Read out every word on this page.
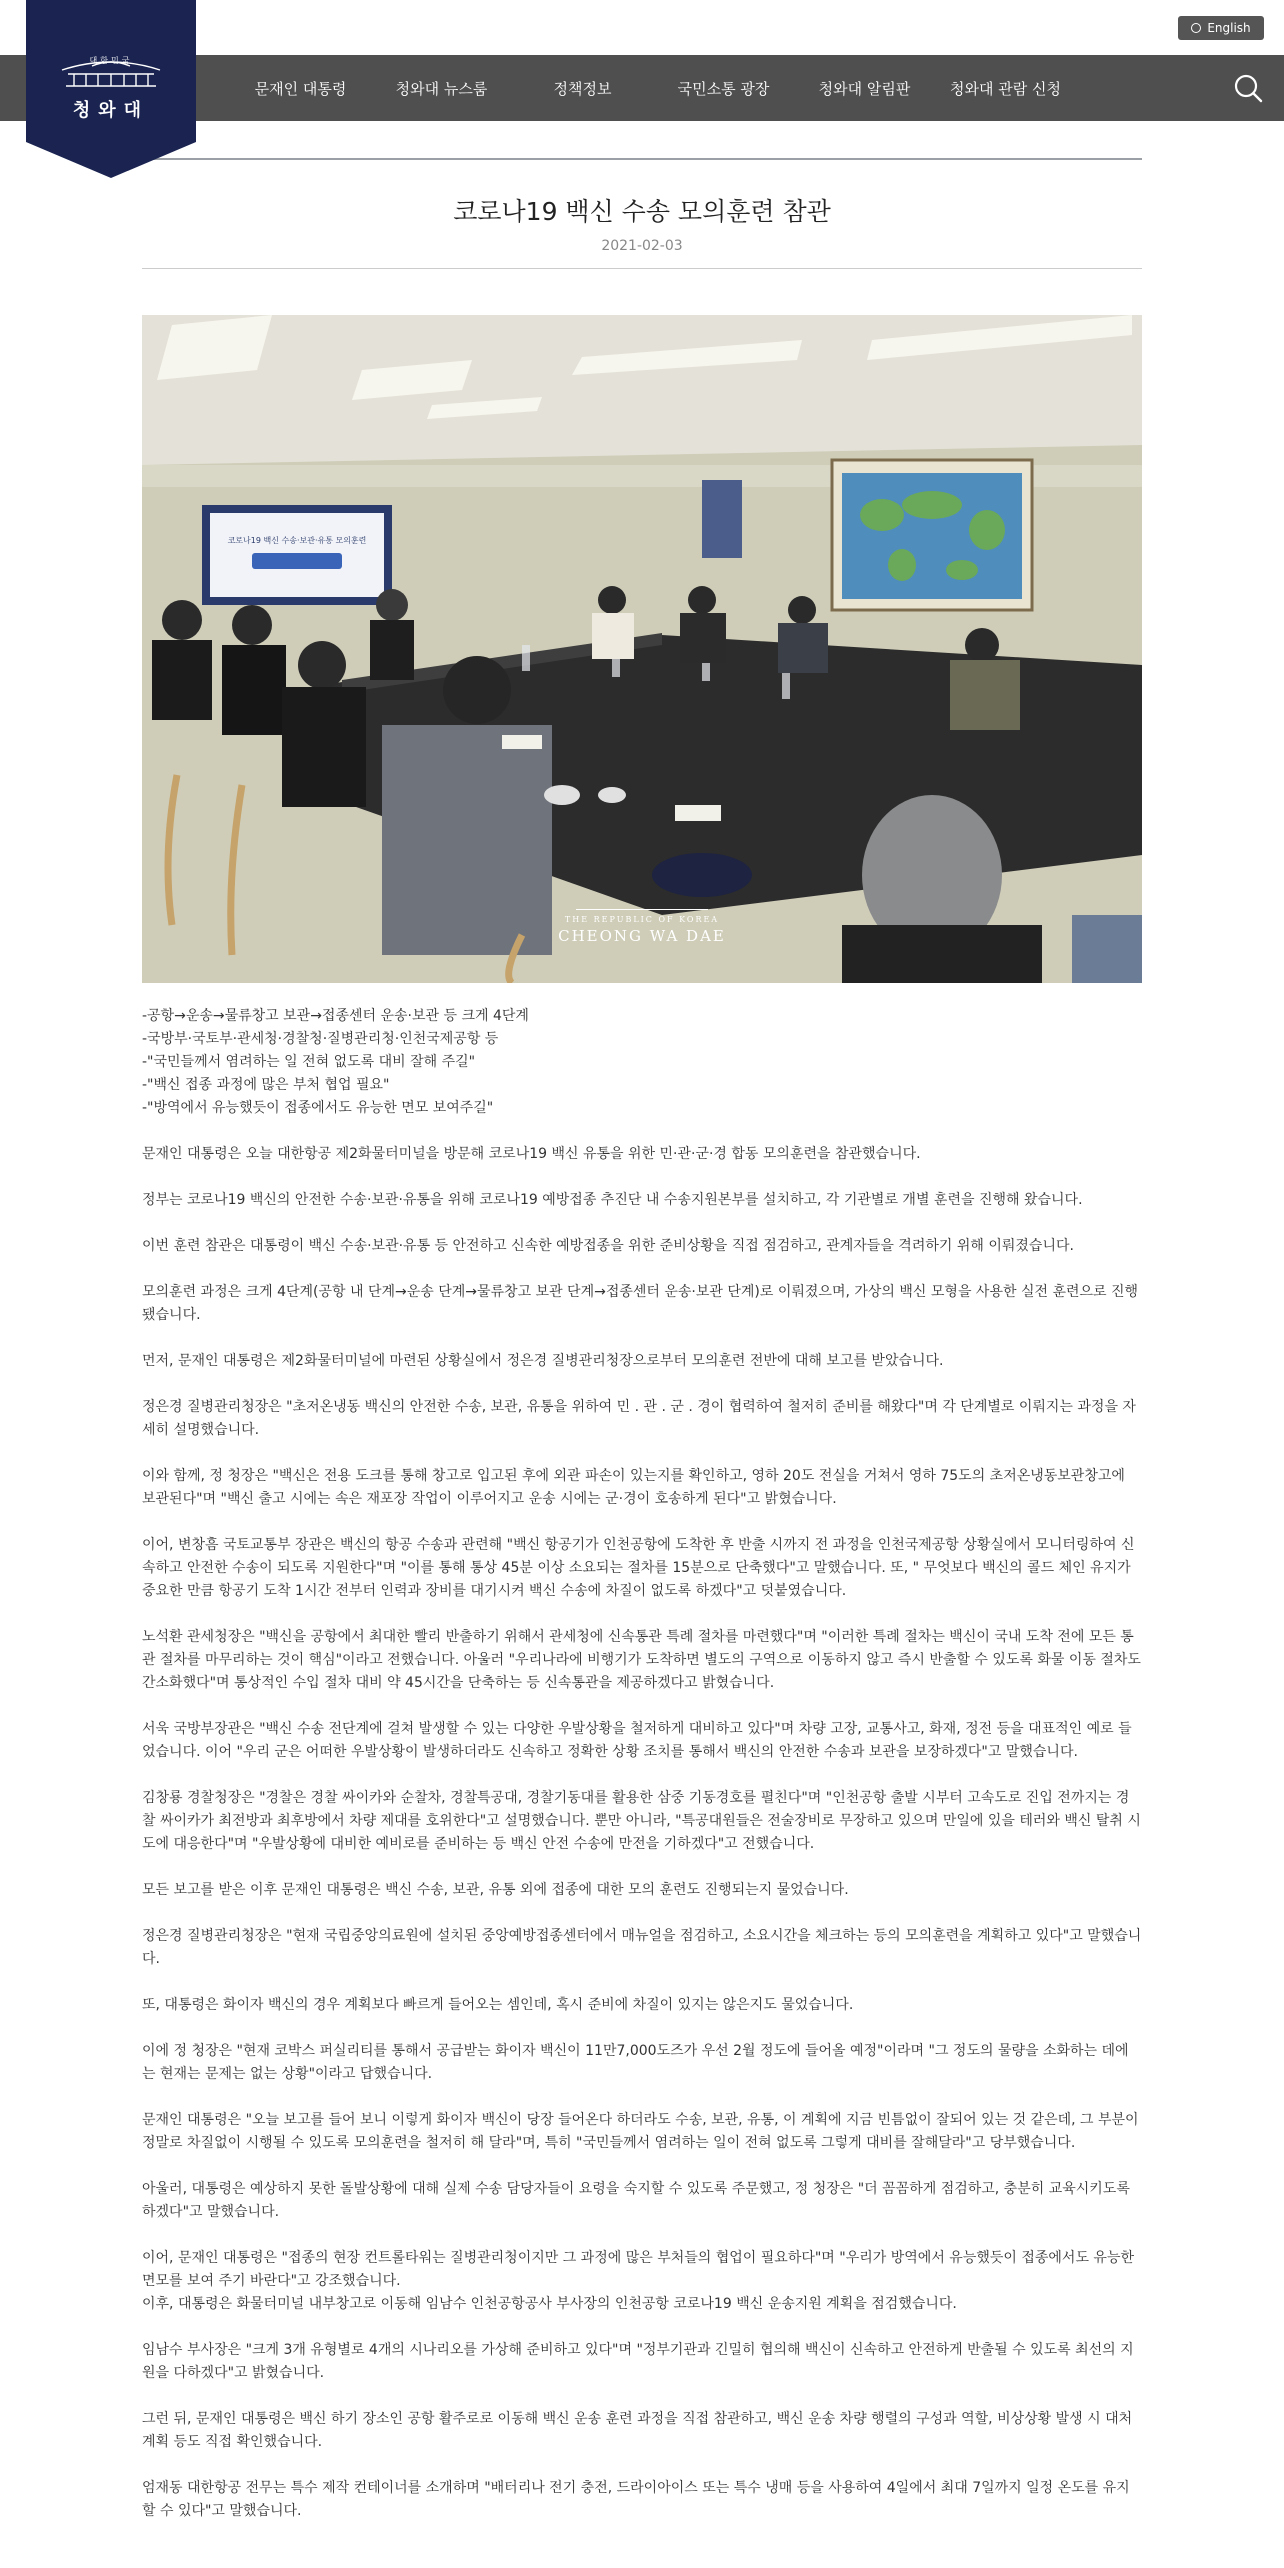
English
문재인 대통령	청와대 뉴스룸	정책정보	국민소통 광장	청와대 알림판	청와대 관람 신청
대한민국
청와대
코로나19 백신 수송 모의훈련 참관
2021-02-03
코로나19 백신 수송·보관·유통 모의훈련
THE REPUBLIC OF KOREA
CHEONG WA DAE
-공항→운송→물류창고 보관→접종센터 운송·보관 등 크게 4단계
-국방부·국토부·관세청·경찰청·질병관리청·인천국제공항 등
-"국민들께서 염려하는 일 전혀 없도록 대비 잘해 주길"
-"백신 접종 과정에 많은 부처 협업 필요"
-"방역에서 유능했듯이 접종에서도 유능한 면모 보여주길"

문재인 대통령은 오늘 대한항공 제2화물터미널을 방문해 코로나19 백신 유통을 위한 민·관·군·경 합동 모의훈련을 참관했습니다.

정부는 코로나19 백신의 안전한 수송·보관·유통을 위해 코로나19 예방접종 추진단 내 수송지원본부를 설치하고, 각 기관별로 개별 훈련을 진행해 왔습니다.

이번 훈련 참관은 대통령이 백신 수송·보관·유통 등 안전하고 신속한 예방접종을 위한 준비상황을 직접 점검하고, 관계자들을 격려하기 위해 이뤄졌습니다.

모의훈련 과정은 크게 4단계(공항 내 단계→운송 단계→물류창고 보관 단계→접종센터 운송·보관 단계)로 이뤄졌으며, 가상의 백신 모형을 사용한 실전 훈련으로 진행됐습니다.

먼저, 문재인 대통령은 제2화물터미널에 마련된 상황실에서 정은경 질병관리청장으로부터 모의훈련 전반에 대해 보고를 받았습니다.

정은경 질병관리청장은 "초저온냉동 백신의 안전한 수송, 보관, 유통을 위하여 민 . 관 . 군 . 경이 협력하여 철저히 준비를 해왔다"며 각 단계별로 이뤄지는 과정을 자세히 설명했습니다.

이와 함께, 정 청장은 "백신은 전용 도크를 통해 창고로 입고된 후에 외관 파손이 있는지를 확인하고, 영하 20도 전실을 거쳐서 영하 75도의 초저온냉동보관창고에 보관된다"며 "백신 출고 시에는 속은 재포장 작업이 이루어지고 운송 시에는 군·경이 호송하게 된다"고 밝혔습니다.

이어, 변창흠 국토교통부 장관은 백신의 항공 수송과 관련해 "백신 항공기가 인천공항에 도착한 후 반출 시까지 전 과정을 인천국제공항 상황실에서 모니터링하여 신속하고 안전한 수송이 되도록 지원한다"며 "이를 통해 통상 45분 이상 소요되는 절차를 15분으로 단축했다"고 말했습니다. 또, " 무엇보다 백신의 콜드 체인 유지가 중요한 만큼 항공기 도착 1시간 전부터 인력과 장비를 대기시켜 백신 수송에 차질이 없도록 하겠다"고 덧붙였습니다.

노석환 관세청장은 "백신을 공항에서 최대한 빨리 반출하기 위해서 관세청에 신속통관 특례 절차를 마련했다"며 "이러한 특례 절차는 백신이 국내 도착 전에 모든 통관 절차를 마무리하는 것이 핵심"이라고 전했습니다. 아울러 "우리나라에 비행기가 도착하면 별도의 구역으로 이동하지 않고 즉시 반출할 수 있도록 화물 이동 절차도 간소화했다"며 통상적인 수입 절차 대비 약 45시간을 단축하는 등 신속통관을 제공하겠다고 밝혔습니다.

서욱 국방부장관은 "백신 수송 전단계에 걸쳐 발생할 수 있는 다양한 우발상황을 철저하게 대비하고 있다"며 차량 고장, 교통사고, 화재, 정전 등을 대표적인 예로 들었습니다. 이어 "우리 군은 어떠한 우발상황이 발생하더라도 신속하고 정확한 상황 조치를 통해서 백신의 안전한 수송과 보관을 보장하겠다"고 말했습니다.

김창룡 경찰청장은 "경찰은 경찰 싸이카와 순찰차, 경찰특공대, 경찰기동대를 활용한 삼중 기동경호를 펼친다"며 "인천공항 출발 시부터 고속도로 진입 전까지는 경찰 싸이카가 최전방과 최후방에서 차량 제대를 호위한다"고 설명했습니다. 뿐만 아니라, "특공대원들은 전술장비로 무장하고 있으며 만일에 있을 테러와 백신 탈취 시도에 대응한다"며 "우발상황에 대비한 예비로를 준비하는 등 백신 안전 수송에 만전을 기하겠다"고 전했습니다.

모든 보고를 받은 이후 문재인 대통령은 백신 수송, 보관, 유통 외에 접종에 대한 모의 훈련도 진행되는지 물었습니다.

정은경 질병관리청장은 "현재 국립중앙의료원에 설치된 중앙예방접종센터에서 매뉴얼을 점검하고, 소요시간을 체크하는 등의 모의훈련을 계획하고 있다"고 말했습니다.

또, 대통령은 화이자 백신의 경우 계획보다 빠르게 들어오는 셈인데, 혹시 준비에 차질이 있지는 않은지도 물었습니다.

이에 정 청장은 "현재 코박스 퍼실리티를 통해서 공급받는 화이자 백신이 11만7,000도즈가 우선 2월 정도에 들어올 예정"이라며 "그 정도의 물량을 소화하는 데에는 현재는 문제는 없는 상황"이라고 답했습니다.

문재인 대통령은 "오늘 보고를 들어 보니 이렇게 화이자 백신이 당장 들어온다 하더라도 수송, 보관, 유통, 이 계획에 지금 빈틈없이 잘되어 있는 것 같은데, 그 부분이 정말로 차질없이 시행될 수 있도록 모의훈련을 철저히 해 달라"며, 특히 "국민들께서 염려하는 일이 전혀 없도록 그렇게 대비를 잘해달라"고 당부했습니다.

아울러, 대통령은 예상하지 못한 돌발상황에 대해 실제 수송 담당자들이 요령을 숙지할 수 있도록 주문했고, 정 청장은 "더 꼼꼼하게 점검하고, 충분히 교육시키도록 하겠다"고 말했습니다.

이어, 문재인 대통령은 "접종의 현장 컨트롤타워는 질병관리청이지만 그 과정에 많은 부처들의 협업이 필요하다"며 "우리가 방역에서 유능했듯이 접종에서도 유능한 면모를 보여 주기 바란다"고 강조했습니다.
이후, 대통령은 화물터미널 내부창고로 이동해 임남수 인천공항공사 부사장의 인천공항 코로나19 백신 운송지원 계획을 점검했습니다.

임남수 부사장은 "크게 3개 유형별로 4개의 시나리오를 가상해 준비하고 있다"며 "정부기관과 긴밀히 협의해 백신이 신속하고 안전하게 반출될 수 있도록 최선의 지원을 다하겠다"고 밝혔습니다.

그런 뒤, 문재인 대통령은 백신 하기 장소인 공항 활주로로 이동해 백신 운송 훈련 과정을 직접 참관하고, 백신 운송 차량 행렬의 구성과 역할, 비상상황 발생 시 대처 계획 등도 직접 확인했습니다.

엄재동 대한항공 전무는 특수 제작 컨테이너를 소개하며 "배터리나 전기 충전, 드라이아이스 또는 특수 냉매 등을 사용하여 4일에서 최대 7일까지 일정 온도를 유지할 수 있다"고 말했습니다.
